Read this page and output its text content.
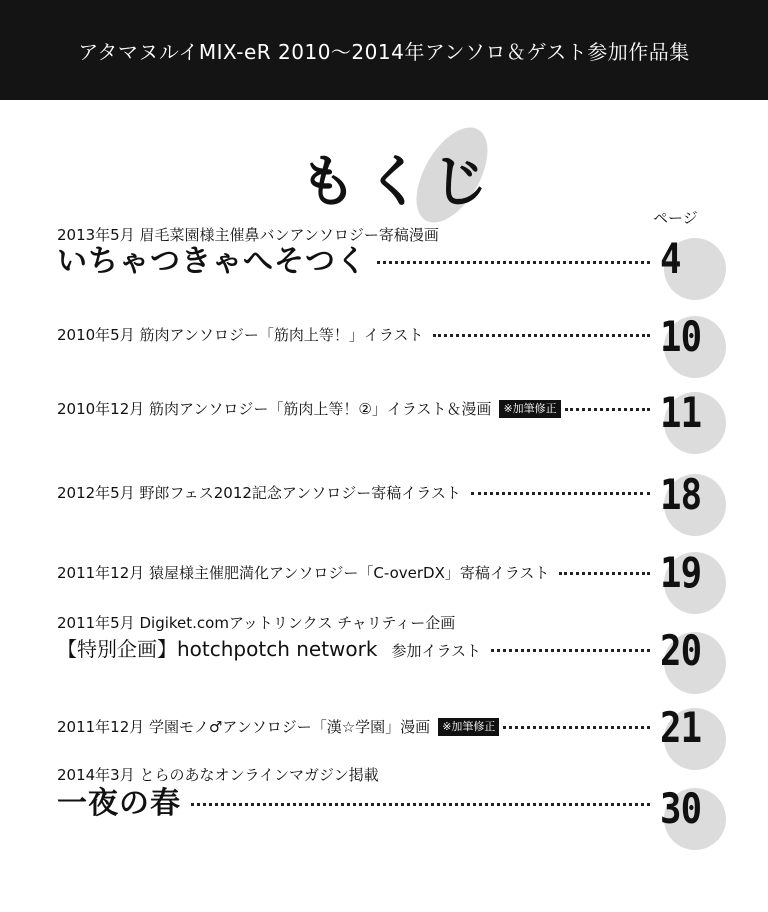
アタマヌルイMIX-eR 2010〜2014年アンソロ＆ゲスト参加作品集
もくじ
ページ
2013年5月 眉毛菜園様主催鼻バンアンソロジー寄稿漫画
いちゃつきゃへそつく	4
2010年5月 筋肉アンソロジー「筋肉上等！」イラスト	10
2010年12月 筋肉アンソロジー「筋肉上等！②」イラスト＆漫画	※加筆修正 11
2012年5月 野郎フェス2012記念アンソロジー寄稿イラスト	18
2011年12月 猿屋様主催肥満化アンソロジー「C-overDX」寄稿イラスト	19
2011年5月 Digiket.comアットリンクス チャリティー企画
【特別企画】hotchpotch network 参加イラスト	20
2011年12月 学園モノ♂アンソロジー「漢☆学園」漫画	※加筆修正	21
2014年3月 とらのあなオンラインマガジン掲載
一夜の春	30
